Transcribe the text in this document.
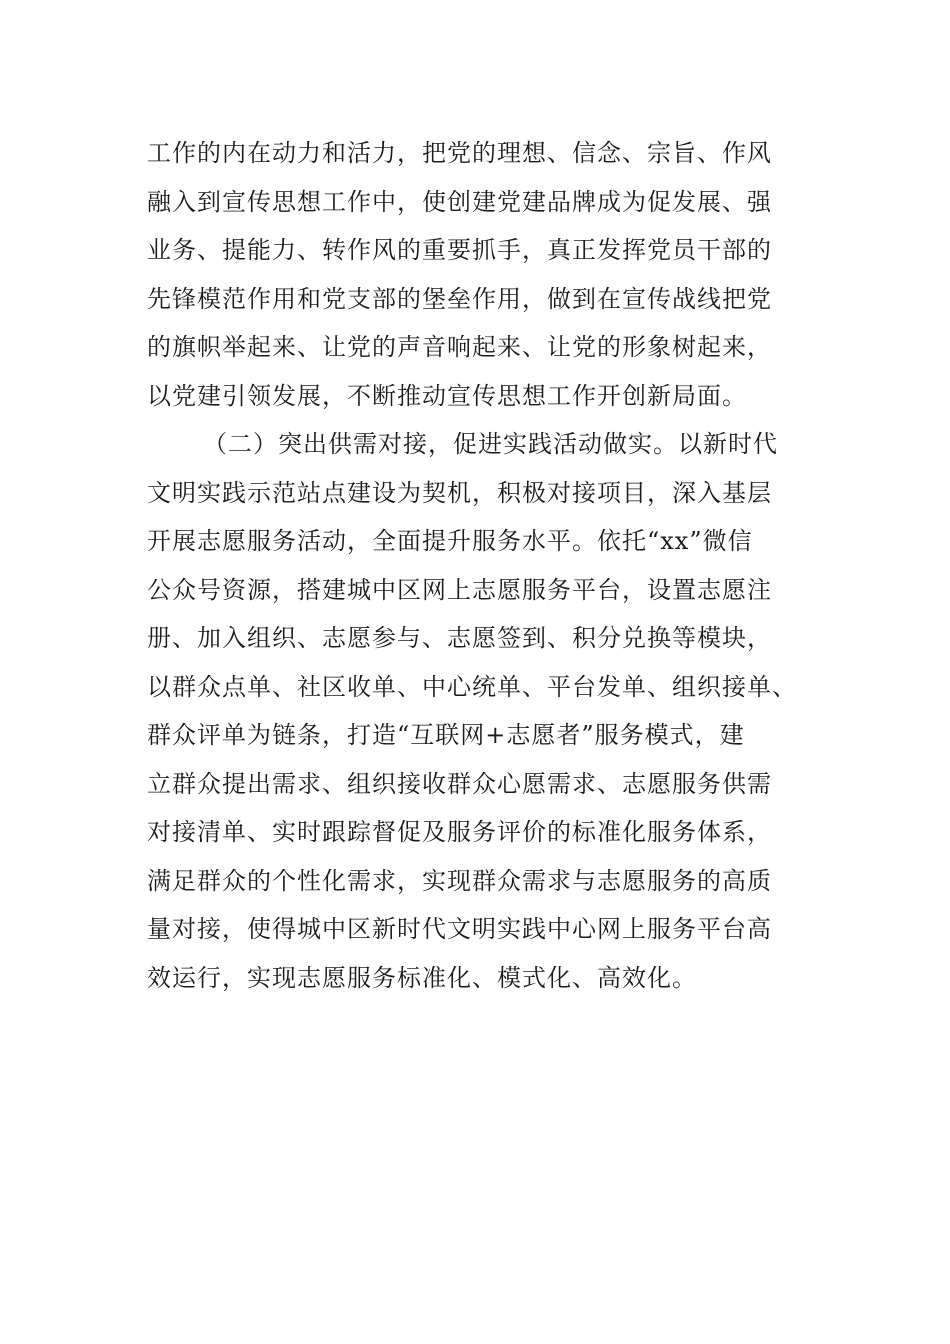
工作的内在动力和活力，把党的理想、信念、宗旨、作风
融入到宣传思想工作中，使创建党建品牌成为促发展、强
业务、提能力、转作风的重要抓手，真正发挥党员干部的
先锋模范作用和党支部的堡垒作用，做到在宣传战线把党
的旗帜举起来、让党的声音响起来、让党的形象树起来，
以党建引领发展，不断推动宣传思想工作开创新局面。
（二）突出供需对接，促进实践活动做实。以新时代
文明实践示范站点建设为契机，积极对接项目，深入基层
开展志愿服务活动，全面提升服务水平。依托“xx”微信
公众号资源，搭建城中区网上志愿服务平台，设置志愿注
册、加入组织、志愿参与、志愿签到、积分兑换等模块，
以群众点单、社区收单、中心统单、平台发单、组织接单、
群众评单为链条，打造“互联网+志愿者”服务模式，建
立群众提出需求、组织接收群众心愿需求、志愿服务供需
对接清单、实时跟踪督促及服务评价的标准化服务体系，
满足群众的个性化需求，实现群众需求与志愿服务的高质
量对接，使得城中区新时代文明实践中心网上服务平台高
效运行，实现志愿服务标准化、模式化、高效化。
